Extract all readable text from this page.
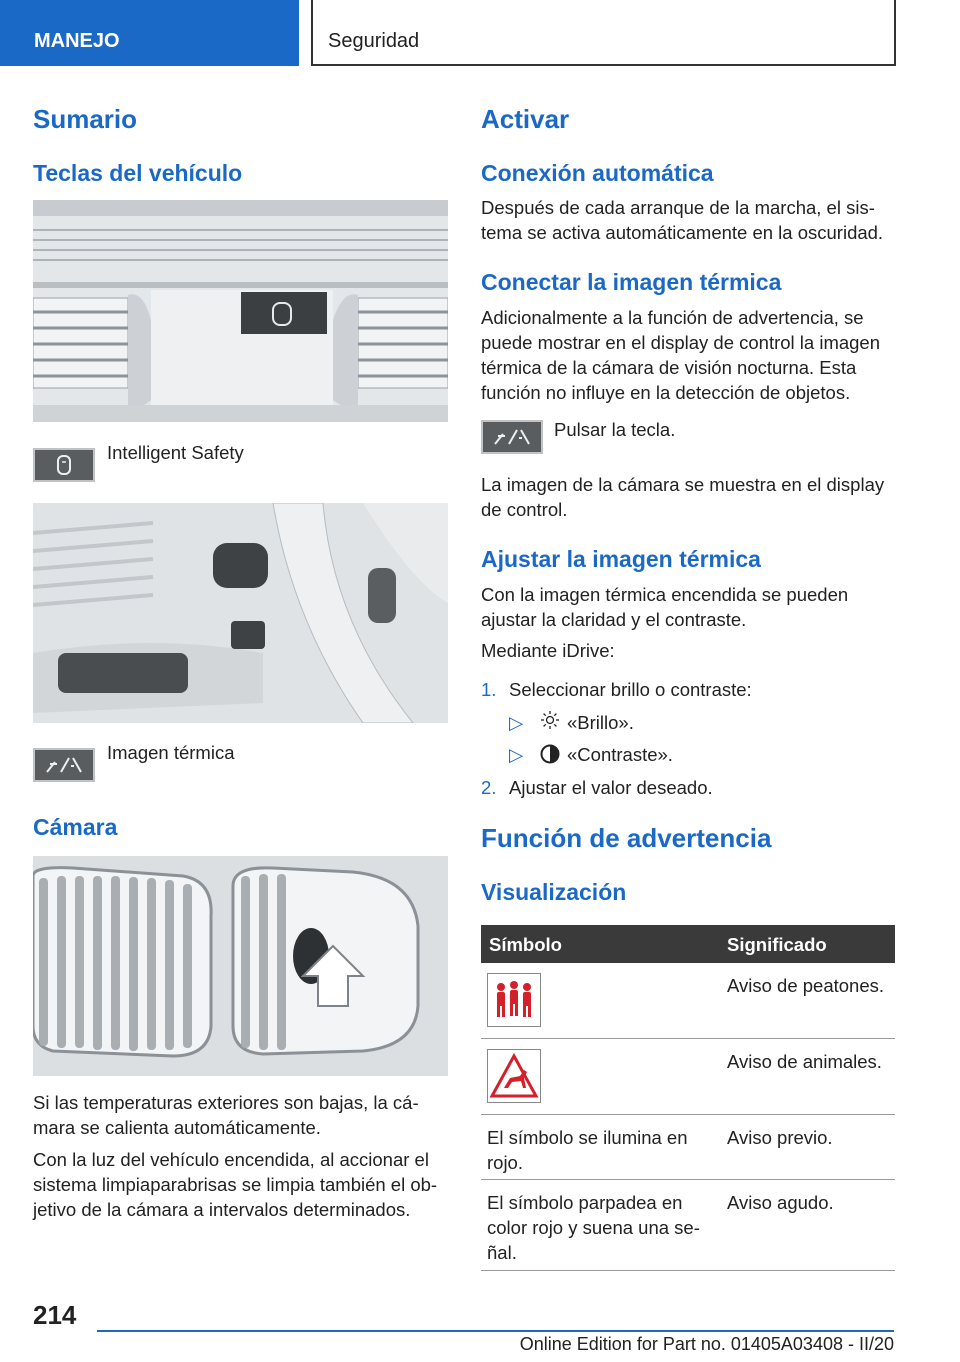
MANEJO	Seguridad
Sumario
Teclas del vehículo
Intelligent Safety
Imagen térmica
Cámara
Si las temperaturas exteriores son bajas, la cámara se calienta automáticamente.
Con la luz del vehículo encendida, al accionar el sistema limpiaparabrisas se limpia también el objetivo de la cámara a intervalos determinados.
Activar
Conexión automática
Después de cada arranque de la marcha, el sistema se activa automáticamente en la oscuridad.
Conectar la imagen térmica
Adicionalmente a la función de advertencia, se puede mostrar en el display de control la imagen térmica de la cámara de visión nocturna. Esta función no influye en la detección de objetos.
Pulsar la tecla.
La imagen de la cámara se muestra en el display de control.
Ajustar la imagen térmica
Con la imagen térmica encendida se pueden ajustar la claridad y el contraste.
Mediante iDrive:
1. Seleccionar brillo o contraste:
▷ «Brillo».
▷ «Contraste».
2. Ajustar el valor deseado.
Función de advertencia
Visualización
Símbolo	Significado
Aviso de peatones.
Aviso de animales.
El símbolo se ilumina en rojo.
Aviso previo.
El símbolo parpadea en color rojo y suena una señal.
Aviso agudo.
214
Online Edition for Part no. 01405A03408 - II/20
